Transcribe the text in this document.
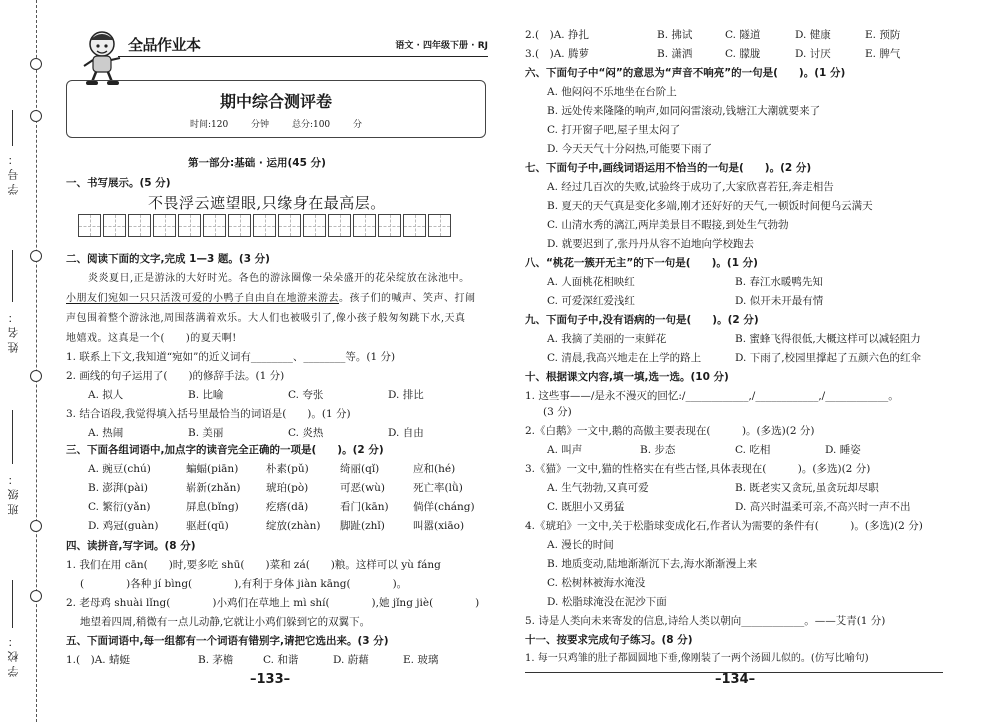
学号：
姓名：
班级：
学校：
全品作业本	语文 · 四年级下册 · RJ
期中综合测评卷
时间:120 分钟	总分:100 分
第一部分:基础 · 运用(45 分)
一、书写展示。(5 分)
不畏浮云遮望眼,只缘身在最高层。
二、阅读下面的文字,完成 1—3 题。(3 分)
炎炎夏日,正是游泳的大好时光。各色的游泳圈像一朵朵盛开的花朵绽放在泳池中。
小朋友们宛如一只只活泼可爱的小鸭子自由自在地游来游去。孩子们的喊声、笑声、打闹
声包围着整个游泳池,周围落满着欢乐。大人们也被吸引了,像小孩子般匆匆跳下水,天真
地嬉戏。这真是一个(　　)的夏天啊!
1. 联系上下文,我知道“宛如”的近义词有________、________等。(1 分)
2. 画线的句子运用了(　　)的修辞手法。(1 分)
A. 拟人	B. 比喻	C. 夸张	D. 排比
3. 结合语段,我觉得填入括号里最恰当的词语是(　　)。(1 分)
A. 热闹	B. 美丽	C. 炎热	D. 自由
三、下面各组词语中,加点字的读音完全正确的一项是(　　)。(2 分)
A. 豌豆(chú)	蝙蝠(piān)	朴素(pǔ)	绮丽(qǐ)	应和(hé)
B. 澎湃(pài)	崭新(zhǎn) 琥珀(pò)	可恶(wù)	死亡率(lǜ)
C. 繁衍(yǎn)	屏息(bǐng)	疙瘩(dā)	看门(kān) 倘佯(cháng)
D. 鸡冠(guàn)	驱赶(qū)	绽放(zhàn) 脚趾(zhǐ)	叫嚣(xiāo)
四、读拼音,写字词。(8 分)
1. 我们在用 cān(　　)时,要多吃 shū(　　)菜和 zá(　　)粮。这样可以 yù fáng
(　　　　)各种 jí bìng(　　　　),有利于身体 jiàn kāng(　　　　)。
2. 老母鸡 shuài lǐng(　　　　)小鸡们在草地上 mì shí(　　　　),她 jǐng jiè(　　　　)
地望着四周,稍微有一点儿动静,它就让小鸡们躲到它的双翼下。
五、下面词语中,每一组都有一个词语有错别字,请把它选出来。(3 分)
1.(　)A. 蜻蜓	B. 茅檐	C. 和谐	D. 蔚藉	E. 玻璃
–133–
2.(　)A. 挣扎	B. 拂试	C. 隧道	D. 健康	E. 预防
3.(　)A. 腾萝	B. 潇洒	C. 朦胧	D. 讨厌	E. 脾气
六、下面句子中“闷”的意思为“声音不响亮”的一句是(　　)。(1 分)
A. 他闷闷不乐地坐在台阶上
B. 远处传来隆隆的响声,如同闷雷滚动,钱塘江大潮就要来了
C. 打开窗子吧,屋子里太闷了
D. 今天天气十分闷热,可能要下雨了
七、下面句子中,画线词语运用不恰当的一句是(　　)。(2 分)
A. 经过几百次的失败,试验终于成功了,大家欣喜若狂,奔走相告
B. 夏天的天气真是变化多端,刚才还好好的天气,一顿饭时间便乌云满天
C. 山清水秀的漓江,两岸美景目不暇接,到处生气勃勃
D. 就要迟到了,张丹丹从容不迫地向学校跑去
八、“桃花一簇开无主”的下一句是(　　)。(1 分)
A. 人面桃花相映红	B. 春江水暖鸭先知
C. 可爱深红爱浅红	D. 似开未开最有情
九、下面句子中,没有语病的一句是(　　)。(2 分)
A. 我摘了美丽的一束鲜花	B. 蜜蜂飞得很低,大概这样可以减轻阻力
C. 清晨,我高兴地走在上学的路上	D. 下雨了,校园里撑起了五颜六色的红伞
十、根据课文内容,填一填,选一选。(10 分)
1. 这些事——/是永不漫灭的回忆:/____________,/____________,/____________。
(3 分)
2.《白鹅》一文中,鹅的高傲主要表现在(　　　)。(多选)(2 分)
A. 叫声	B. 步态	C. 吃相	D. 睡姿
3.《猫》一文中,猫的性格实在有些古怪,具体表现在(　　　)。(多选)(2 分)
A. 生气勃勃,又真可爱	B. 既老实又贪玩,虽贪玩却尽职
C. 既胆小又勇猛	D. 高兴时温柔可亲,不高兴时一声不出
4.《琥珀》一文中,关于松脂球变成化石,作者认为需要的条件有(　　　)。(多选)(2 分)
A. 漫长的时间
B. 地质变动,陆地渐渐沉下去,海水渐渐漫上来
C. 松树林被海水淹没
D. 松脂球淹没在泥沙下面
5. 诗是人类向未来寄发的信息,诗给人类以朝向____________。——艾青(1 分)
十一、按要求完成句子练习。(8 分)
1. 每一只鸡雏的肚子都圆圆地下垂,像刚装了一两个汤圆儿似的。(仿写比喻句)
–134–
